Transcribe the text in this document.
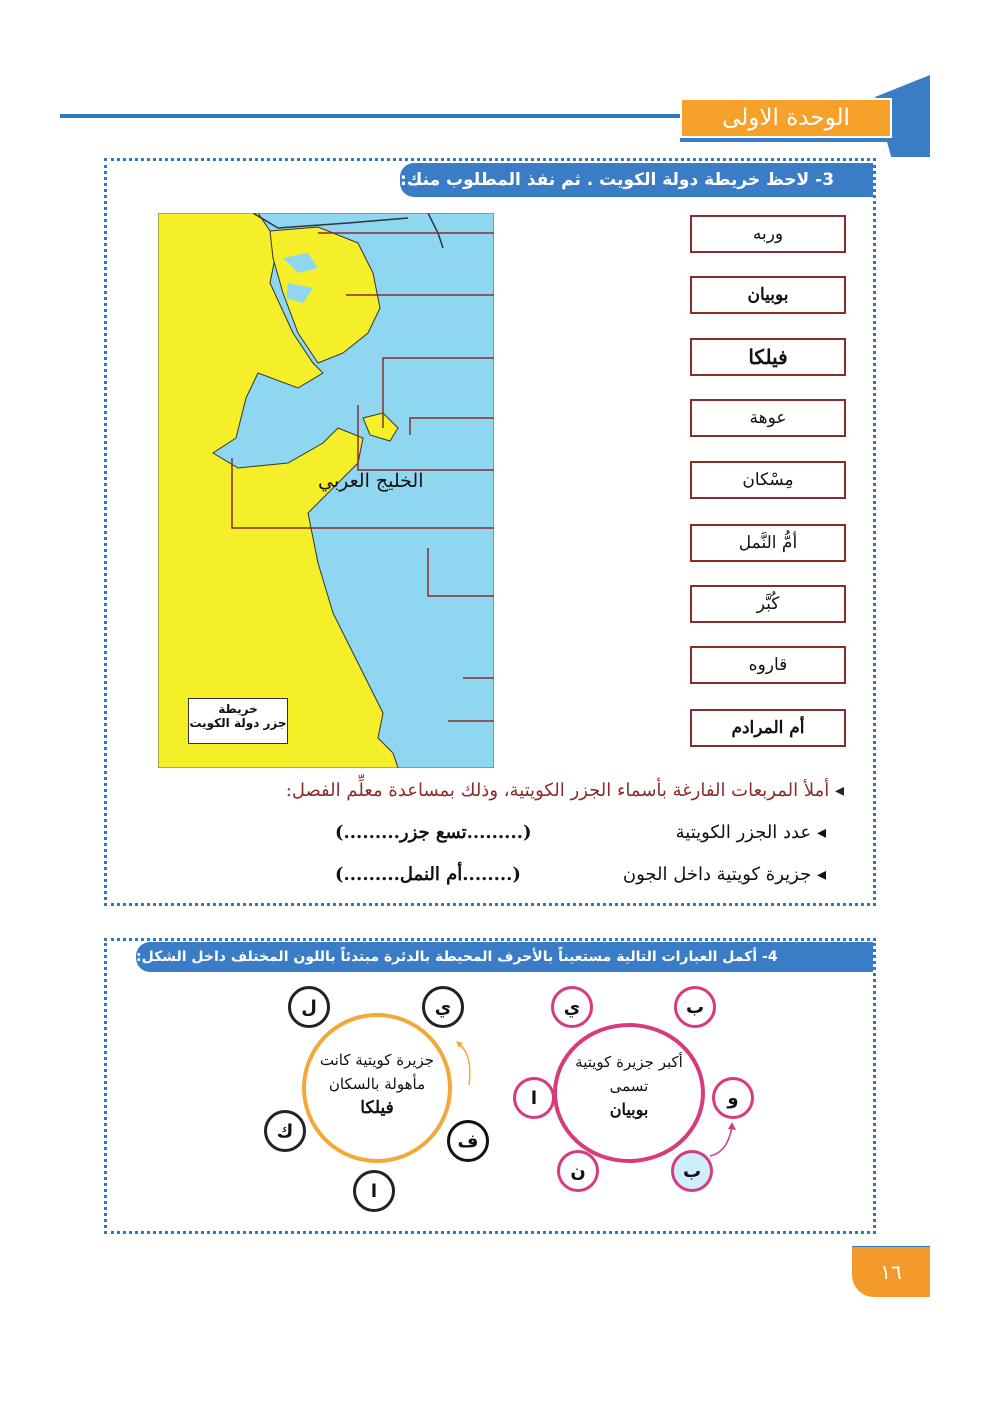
الوحدة الاولى
3- لاحظ خريطة دولة الكويت . ثم نفذ المطلوب منك:
الخليج العربي
خريطة
جزر دولة الكويت
وربه
بوبيان
فيلكا
عوهة
مِسْكان
أمُّ النَّمل
كُبَّر
قاروه
أم المرادم
◂ أملأ المربعات الفارغة بأسماء الجزر الكويتية، وذلك بمساعدة معلِّم الفصل:
◂ عدد الجزر الكويتية
(.........تسع جزر.........)
◂ جزيرة كويتية داخل الجون
(........أم النمل.........)
4- أكمل العبارات التالية مستعيناً بالأحرف المحيطة بالدئرة مبتدئاً باللون المختلف داخل الشكل:
جزيرة كويتية كانت
مأهولة بالسكان
فيلكا
ي
ل
ك
ا
ف
أكبر جزيرة كويتية
تسمى
بوبيان
ب
ي
ا
ن	ب
و
١٦
